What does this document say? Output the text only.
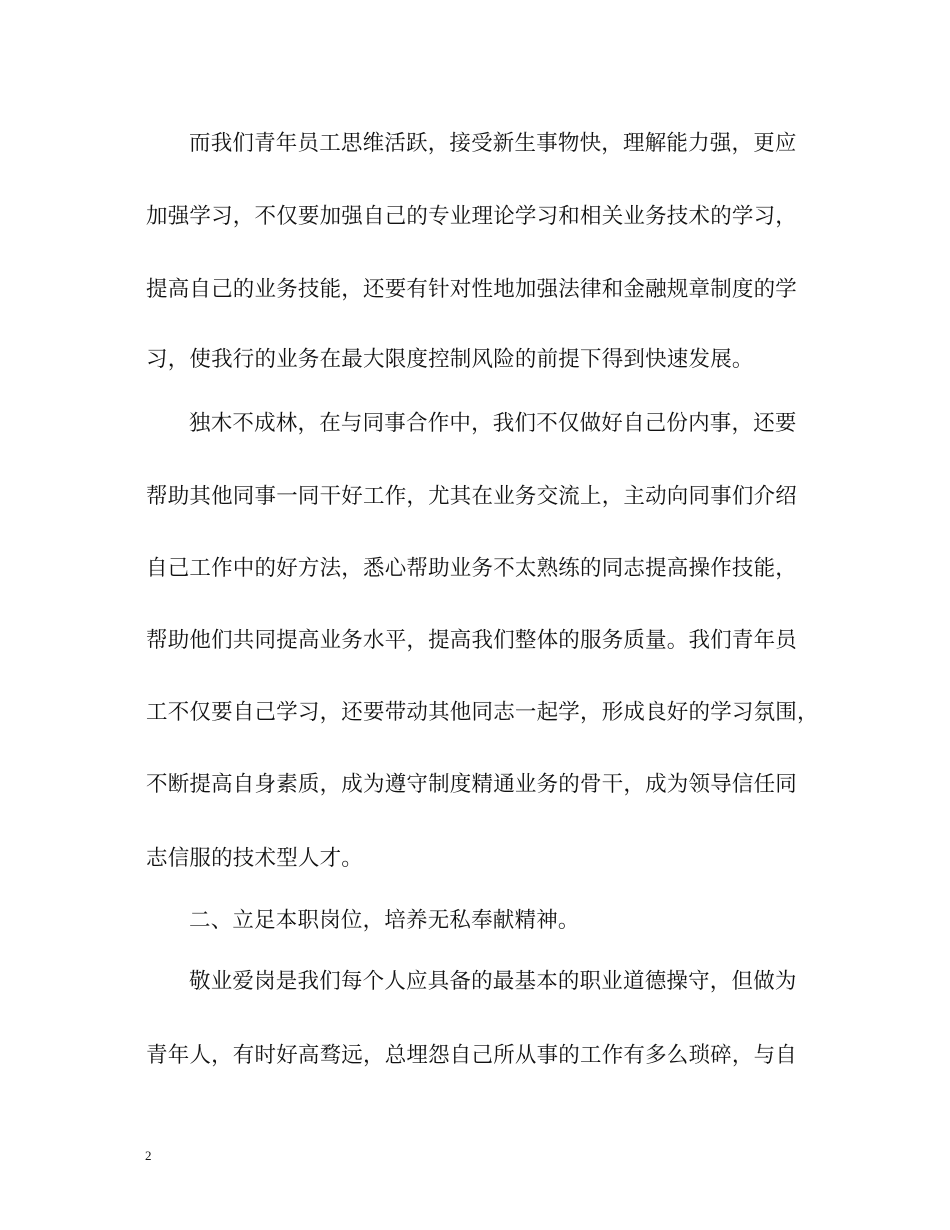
而我们青年员工思维活跃，接受新生事物快，理解能力强，更应
加强学习，不仅要加强自己的专业理论学习和相关业务技术的学习，
提高自己的业务技能，还要有针对性地加强法律和金融规章制度的学
习，使我行的业务在最大限度控制风险的前提下得到快速发展。
独木不成林，在与同事合作中，我们不仅做好自己份内事，还要
帮助其他同事一同干好工作，尤其在业务交流上，主动向同事们介绍
自己工作中的好方法，悉心帮助业务不太熟练的同志提高操作技能，
帮助他们共同提高业务水平，提高我们整体的服务质量。我们青年员
工不仅要自己学习，还要带动其他同志一起学，形成良好的学习氛围，
不断提高自身素质，成为遵守制度精通业务的骨干，成为领导信任同
志信服的技术型人才。
二、立足本职岗位，培养无私奉献精神。
敬业爱岗是我们每个人应具备的最基本的职业道德操守，但做为
青年人，有时好高骛远，总埋怨自己所从事的工作有多么琐碎，与自
2
